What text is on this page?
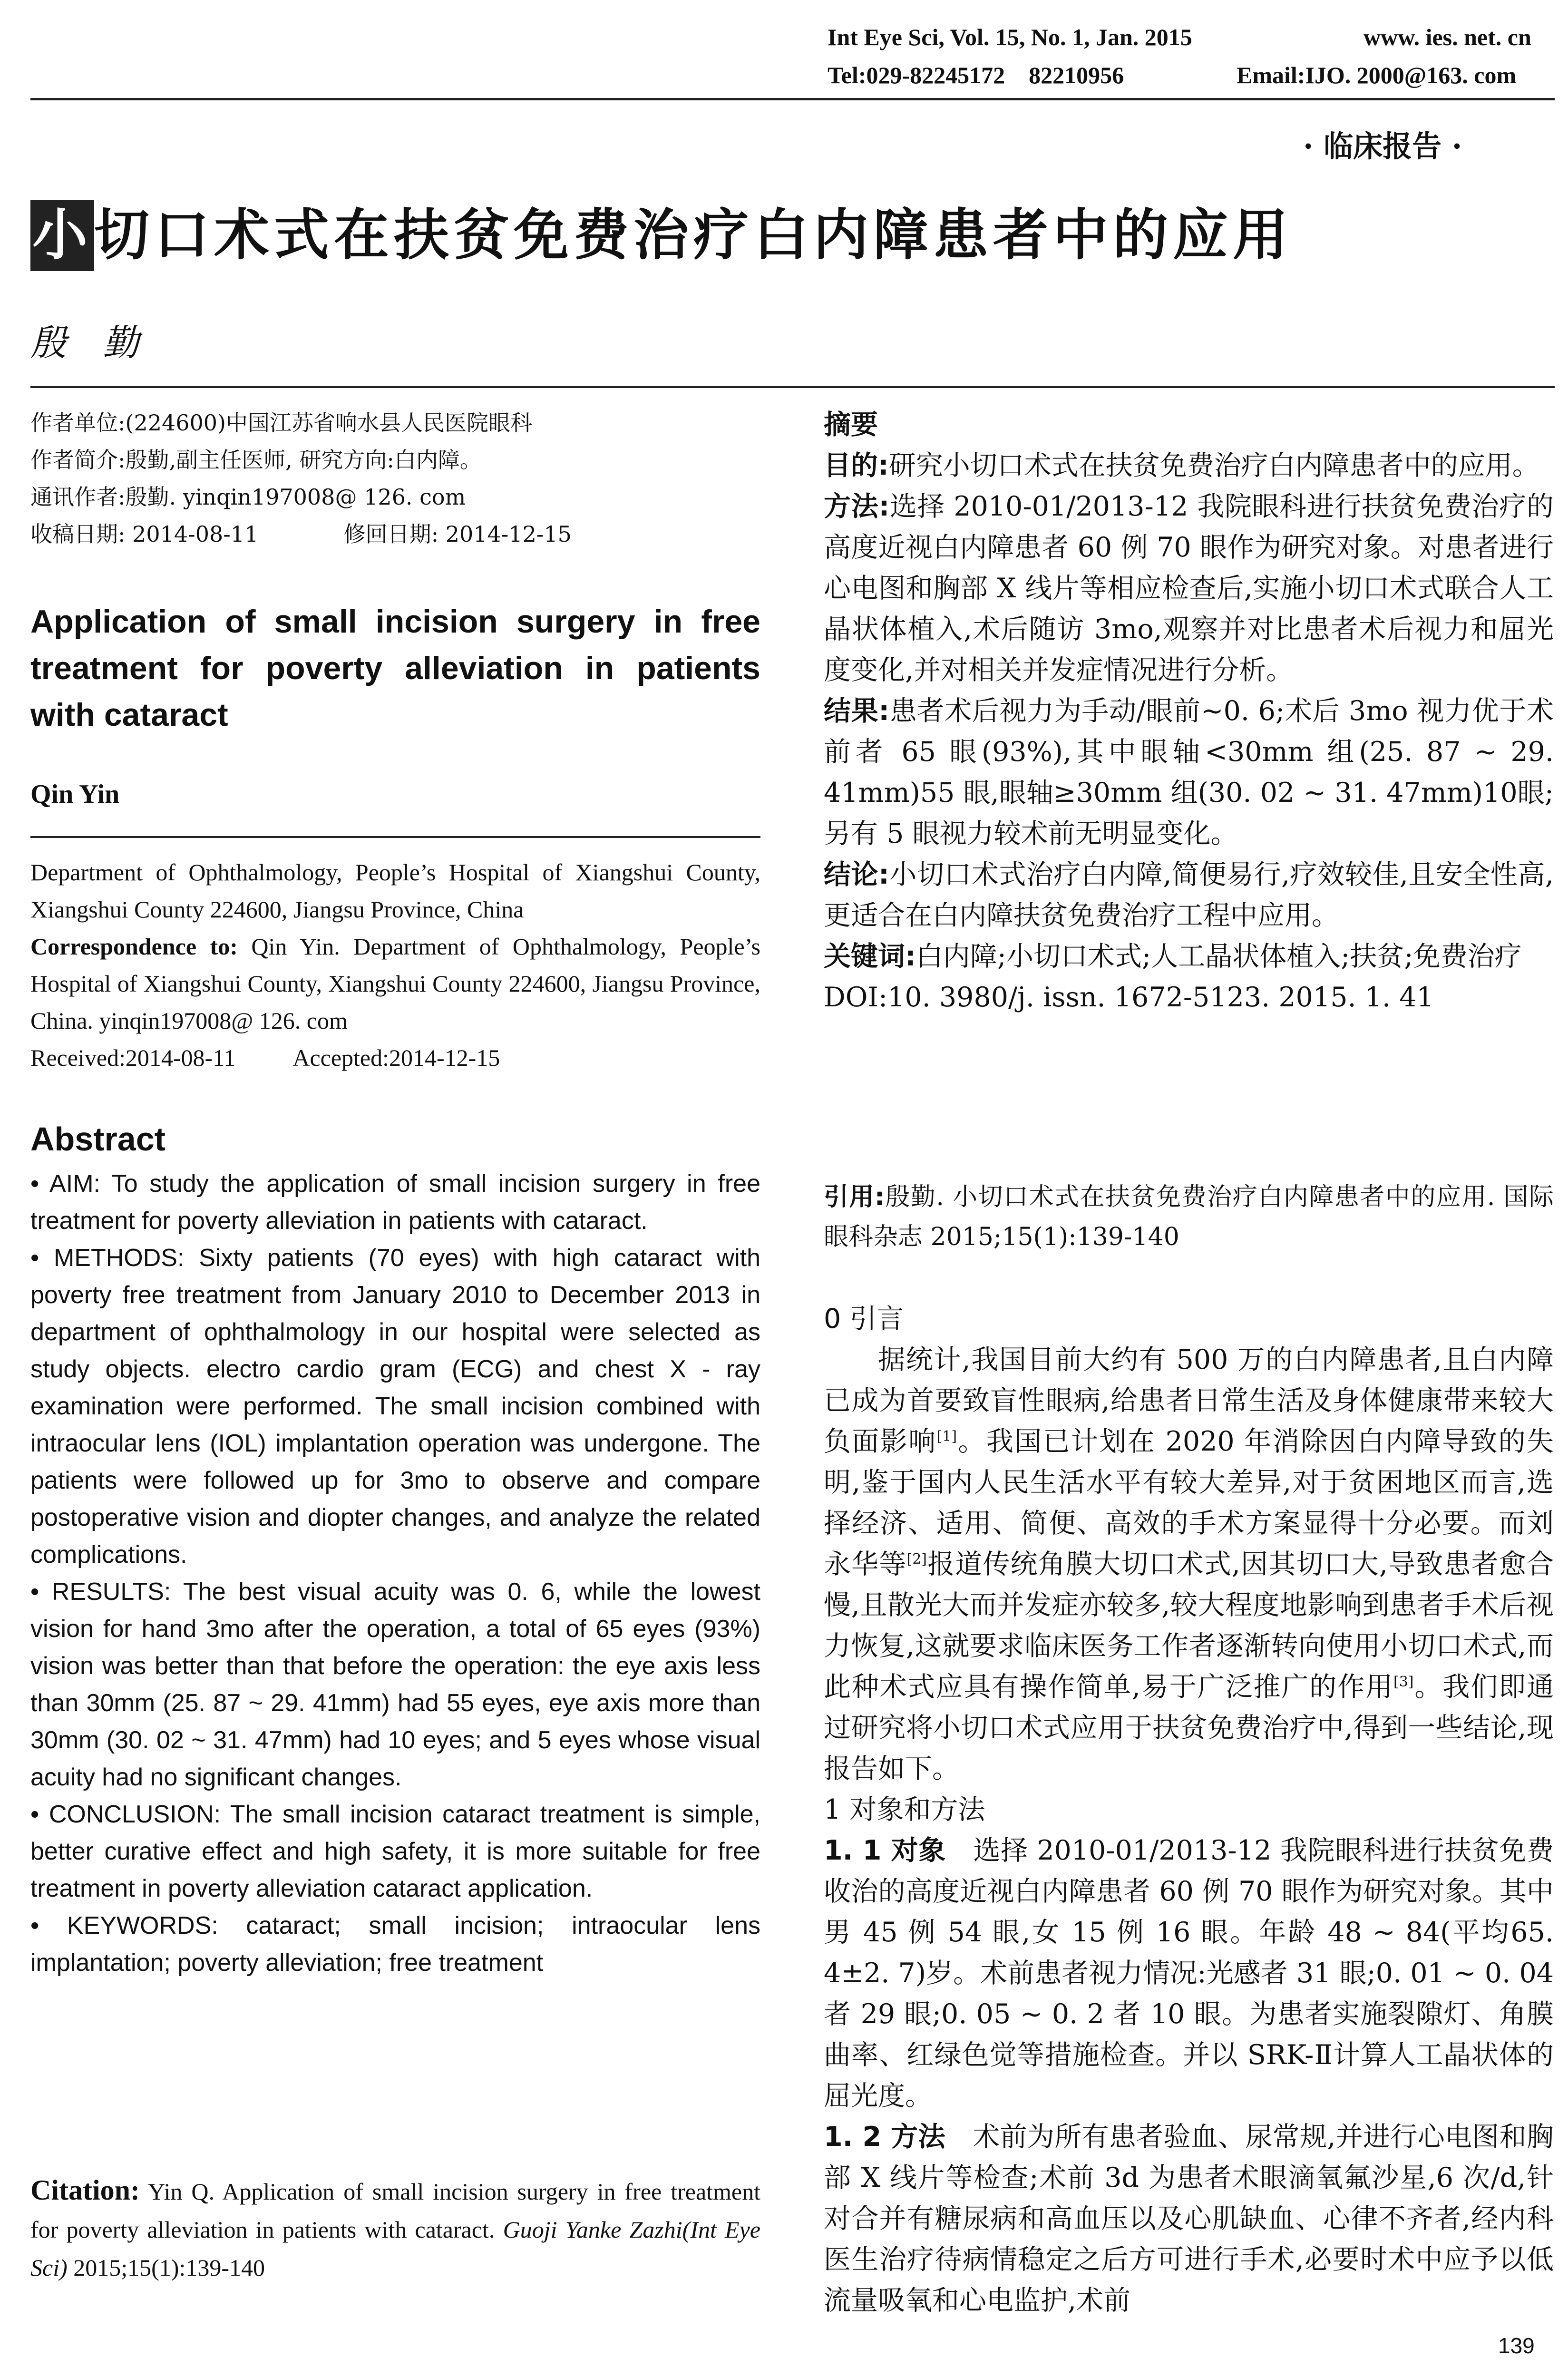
Int Eye Sci, Vol. 15, No. 1, Jan. 2015	www. ies. net. cn
Tel:029-82245172　82210956	Email:IJO. 2000@163. com
· 临床报告 ·
小切口术式在扶贫免费治疗白内障患者中的应用
殷　勤
作者单位:(224600)中国江苏省响水县人民医院眼科
作者简介:殷勤,副主任医师, 研究方向:白内障。
通讯作者:殷勤. yinqin197008@ 126. com
收稿日期: 2014-08-11	修回日期: 2014-12-15
Application of small incision surgery in free treatment for poverty alleviation in patients with cataract
Qin Yin

Department of Ophthalmology, People’s Hospital of Xiangshui County, Xiangshui County 224600, Jiangsu Province, China

Correspondence to: Qin Yin. Department of Ophthalmology, People’s Hospital of Xiangshui County, Xiangshui County 224600, Jiangsu Province, China. yinqin197008@ 126. com

Received:2014-08-11 Accepted:2014-12-15

Abstract

• AIM: To study the application of small incision surgery in free treatment for poverty alleviation in patients with cataract.

• METHODS: Sixty patients (70 eyes) with high cataract with poverty free treatment from January 2010 to December 2013 in department of ophthalmology in our hospital were selected as study objects. electro cardio gram (ECG) and chest X - ray examination were performed. The small incision combined with intraocular lens (IOL) implantation operation was undergone. The patients were followed up for 3mo to observe and compare postoperative vision and diopter changes, and analyze the related complications.

• RESULTS: The best visual acuity was 0. 6, while the lowest vision for hand 3mo after the operation, a total of 65 eyes (93%) vision was better than that before the operation: the eye axis less than 30mm (25. 87 ~ 29. 41mm) had 55 eyes, eye axis more than 30mm (30. 02 ~ 31. 47mm) had 10 eyes; and 5 eyes whose visual acuity had no significant changes.

• CONCLUSION: The small incision cataract treatment is simple, better curative effect and high safety, it is more suitable for free treatment in poverty alleviation cataract application.

• KEYWORDS: cataract; small incision; intraocular lens implantation; poverty alleviation; free treatment

Citation: Yin Q. Application of small incision surgery in free treatment for poverty alleviation in patients with cataract. Guoji Yanke Zazhi(Int Eye Sci) 2015;15(1):139-140

摘要

目的:研究小切口术式在扶贫免费治疗白内障患者中的应用。

方法:选择 2010-01/2013-12 我院眼科进行扶贫免费治疗的高度近视白内障患者 60 例 70 眼作为研究对象。对患者进行心电图和胸部 X 线片等相应检查后,实施小切口术式联合人工晶状体植入,术后随访 3mo,观察并对比患者术后视力和屈光度变化,并对相关并发症情况进行分析。

结果:患者术后视力为手动/眼前~0. 6;术后 3mo 视力优于术前者 65 眼(93%),其中眼轴<30mm 组(25. 87 ~ 29. 41mm)55 眼,眼轴≥30mm 组(30. 02 ~ 31. 47mm)10眼;另有 5 眼视力较术前无明显变化。

结论:小切口术式治疗白内障,简便易行,疗效较佳,且安全性高,更适合在白内障扶贫免费治疗工程中应用。

关键词:白内障;小切口术式;人工晶状体植入;扶贫;免费治疗

DOI:10. 3980/j. issn. 1672-5123. 2015. 1. 41

引用:殷勤. 小切口术式在扶贫免费治疗白内障患者中的应用. 国际眼科杂志 2015;15(1):139-140

0 引言

据统计,我国目前大约有 500 万的白内障患者,且白内障已成为首要致盲性眼病,给患者日常生活及身体健康带来较大负面影响[1]。我国已计划在 2020 年消除因白内障导致的失明,鉴于国内人民生活水平有较大差异,对于贫困地区而言,选择经济、适用、简便、高效的手术方案显得十分必要。而刘永华等[2]报道传统角膜大切口术式,因其切口大,导致患者愈合慢,且散光大而并发症亦较多,较大程度地影响到患者手术后视力恢复,这就要求临床医务工作者逐渐转向使用小切口术式,而此种术式应具有操作简单,易于广泛推广的作用[3]。我们即通过研究将小切口术式应用于扶贫免费治疗中,得到一些结论,现报告如下。

1 对象和方法

1. 1 对象　选择 2010-01/2013-12 我院眼科进行扶贫免费收治的高度近视白内障患者 60 例 70 眼作为研究对象。其中男 45 例 54 眼,女 15 例 16 眼。年龄 48 ~ 84(平均65. 4±2. 7)岁。术前患者视力情况:光感者 31 眼;0. 01 ~ 0. 04 者 29 眼;0. 05 ~ 0. 2 者 10 眼。为患者实施裂隙灯、角膜曲率、红绿色觉等措施检查。并以 SRK-Ⅱ计算人工晶状体的屈光度。

1. 2 方法　术前为所有患者验血、尿常规,并进行心电图和胸部 X 线片等检查;术前 3d 为患者术眼滴氧氟沙星,6 次/d,针对合并有糖尿病和高血压以及心肌缺血、心律不齐者,经内科医生治疗待病情稳定之后方可进行手术,必要时术中应予以低流量吸氧和心电监护,术前

139
